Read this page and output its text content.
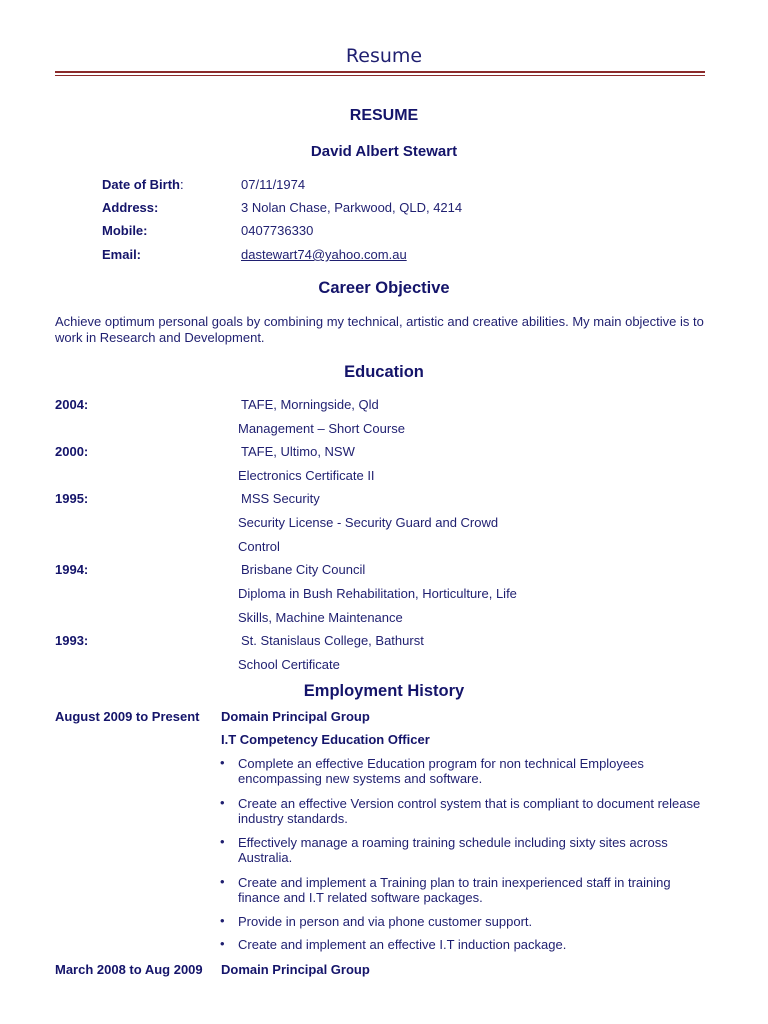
Resume
RESUME
David Albert Stewart
Date of Birth:	07/11/1974
Address:	3 Nolan Chase, Parkwood, QLD, 4214
Mobile:	0407736330
Email:	dastewart74@yahoo.com.au
Career Objective
Achieve optimum personal goals by combining my technical, artistic and creative abilities. My main objective is to work in Research and Development.
Education
2004:	TAFE, Morningside, Qld
Management – Short Course
2000:	TAFE, Ultimo, NSW
Electronics Certificate II
1995:	MSS Security
Security License - Security Guard and Crowd
Control
1994:	Brisbane City Council
Diploma in Bush Rehabilitation, Horticulture, Life
Skills, Machine Maintenance
1993:	St. Stanislaus College, Bathurst
School Certificate
Employment History
August 2009 to Present Domain Principal Group
I.T Competency Education Officer
• Complete an effective Education program for non technical Employees encompassing new systems and software.
• Create an effective Version control system that is compliant to document release industry standards.
• Effectively manage a roaming training schedule including sixty sites across Australia.
• Create and implement a Training plan to train inexperienced staff in training finance and I.T related software packages.
• Provide in person and via phone customer support.
• Create and implement an effective I.T induction package.
March 2008 to Aug 2009 Domain Principal Group
